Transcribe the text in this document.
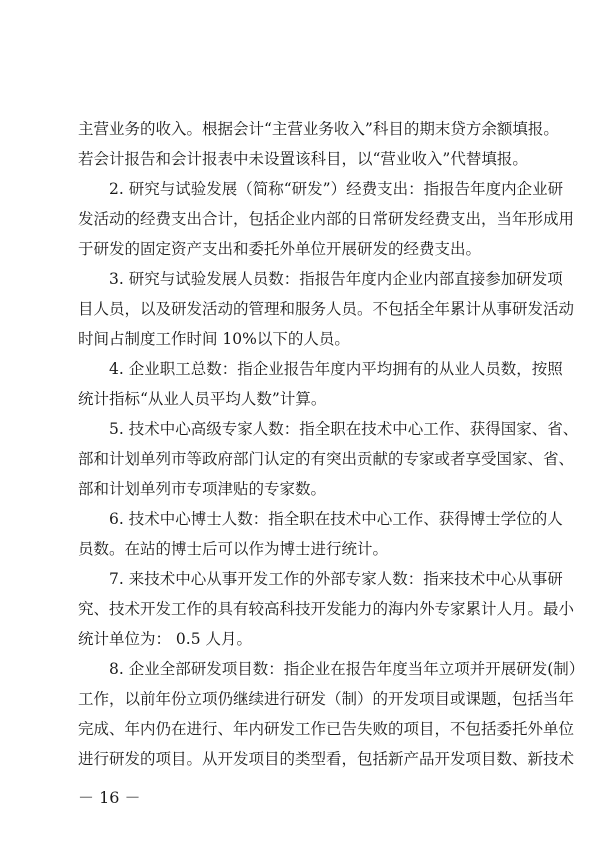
主营业务的收入。根据会计“主营业务收入”科目的期末贷方余额填报。
若会计报告和会计报表中未设置该科目，以“营业收入”代替填报。
2. 研究与试验发展（简称“研发”）经费支出：指报告年度内企业研
发活动的经费支出合计，包括企业内部的日常研发经费支出，当年形成用
于研发的固定资产支出和委托外单位开展研发的经费支出。
3. 研究与试验发展人员数：指报告年度内企业内部直接参加研发项
目人员，以及研发活动的管理和服务人员。不包括全年累计从事研发活动
时间占制度工作时间 10%以下的人员。
4. 企业职工总数：指企业报告年度内平均拥有的从业人员数，按照
统计指标“从业人员平均人数”计算。
5. 技术中心高级专家人数：指全职在技术中心工作、获得国家、省、
部和计划单列市等政府部门认定的有突出贡献的专家或者享受国家、省、
部和计划单列市专项津贴的专家数。
6. 技术中心博士人数：指全职在技术中心工作、获得博士学位的人
员数。在站的博士后可以作为博士进行统计。
7. 来技术中心从事开发工作的外部专家人数：指来技术中心从事研
究、技术开发工作的具有较高科技开发能力的海内外专家累计人月。最小
统计单位为： 0.5 人月。
8. 企业全部研发项目数：指企业在报告年度当年立项并开展研发(制）
工作，以前年份立项仍继续进行研发（制）的开发项目或课题，包括当年
完成、年内仍在进行、年内研发工作已告失败的项目，不包括委托外单位
进行研发的项目。从开发项目的类型看，包括新产品开发项目数、新技术
－ 16 －
